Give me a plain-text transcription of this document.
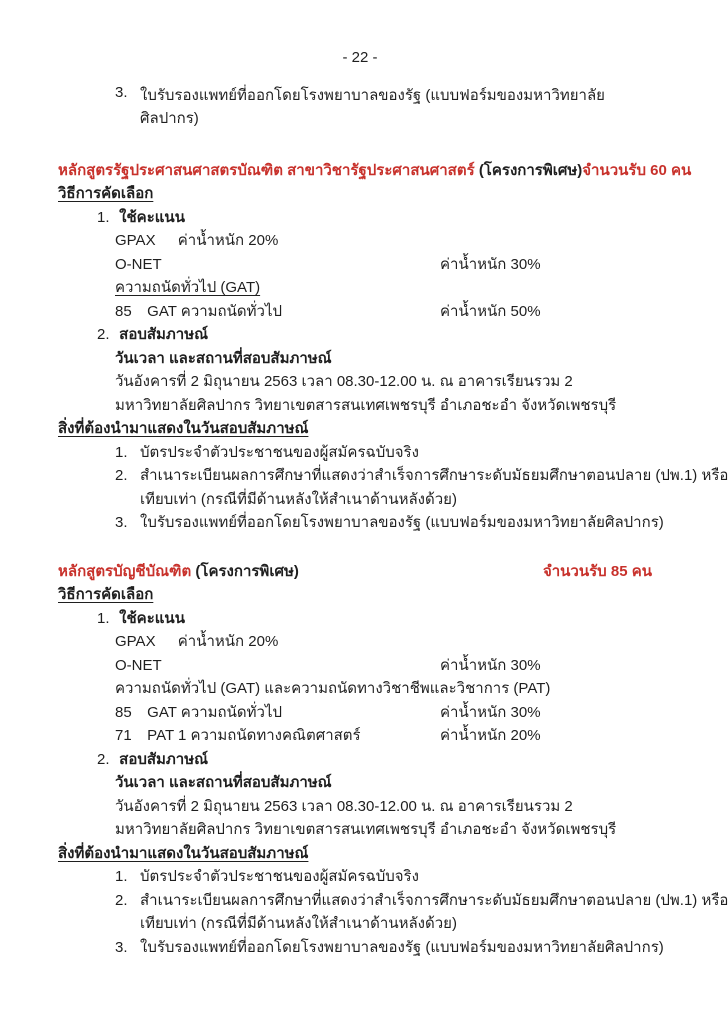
- 22 -
3. ใบรับรองแพทย์ที่ออกโดยโรงพยาบาลของรัฐ (แบบฟอร์มของมหาวิทยาลัยศิลปากร)
หลักสูตรรัฐประศาสนศาสตรบัณฑิต สาขาวิชารัฐประศาสนศาสตร์ (โครงการพิเศษ) จำนวนรับ 60 คน
วิธีการคัดเลือก
1. ใช้คะแนน
GPAX ค่าน้ำหนัก 20%
O-NET	ค่าน้ำหนัก 30%
ความถนัดทั่วไป (GAT)
85 GAT ความถนัดทั่วไป	ค่าน้ำหนัก 50%
2. สอบสัมภาษณ์
วันเวลา และสถานที่สอบสัมภาษณ์
วันอังคารที่ 2 มิถุนายน 2563 เวลา 08.30-12.00 น. ณ อาคารเรียนรวม 2
มหาวิทยาลัยศิลปากร วิทยาเขตสารสนเทศเพชรบุรี อำเภอชะอำ จังหวัดเพชรบุรี
สิ่งที่ต้องนำมาแสดงในวันสอบสัมภาษณ์
1. บัตรประจำตัวประชาชนของผู้สมัครฉบับจริง
2. สำเนาระเบียนผลการศึกษาที่แสดงว่าสำเร็จการศึกษาระดับมัธยมศึกษาตอนปลาย (ปพ.1) หรือ
เทียบเท่า (กรณีที่มีด้านหลังให้สำเนาด้านหลังด้วย)
3. ใบรับรองแพทย์ที่ออกโดยโรงพยาบาลของรัฐ (แบบฟอร์มของมหาวิทยาลัยศิลปากร)
หลักสูตรบัญชีบัณฑิต (โครงการพิเศษ)	จำนวนรับ 85 คน
วิธีการคัดเลือก
1. ใช้คะแนน
GPAX ค่าน้ำหนัก 20%
O-NET	ค่าน้ำหนัก 30%
ความถนัดทั่วไป (GAT) และความถนัดทางวิชาชีพและวิชาการ (PAT)
85 GAT ความถนัดทั่วไป	ค่าน้ำหนัก 30%
71 PAT 1 ความถนัดทางคณิตศาสตร์	ค่าน้ำหนัก 20%
2. สอบสัมภาษณ์
วันเวลา และสถานที่สอบสัมภาษณ์
วันอังคารที่ 2 มิถุนายน 2563 เวลา 08.30-12.00 น. ณ อาคารเรียนรวม 2
มหาวิทยาลัยศิลปากร วิทยาเขตสารสนเทศเพชรบุรี อำเภอชะอำ จังหวัดเพชรบุรี
สิ่งที่ต้องนำมาแสดงในวันสอบสัมภาษณ์
1. บัตรประจำตัวประชาชนของผู้สมัครฉบับจริง
2. สำเนาระเบียนผลการศึกษาที่แสดงว่าสำเร็จการศึกษาระดับมัธยมศึกษาตอนปลาย (ปพ.1) หรือ
เทียบเท่า (กรณีที่มีด้านหลังให้สำเนาด้านหลังด้วย)
3. ใบรับรองแพทย์ที่ออกโดยโรงพยาบาลของรัฐ (แบบฟอร์มของมหาวิทยาลัยศิลปากร)
